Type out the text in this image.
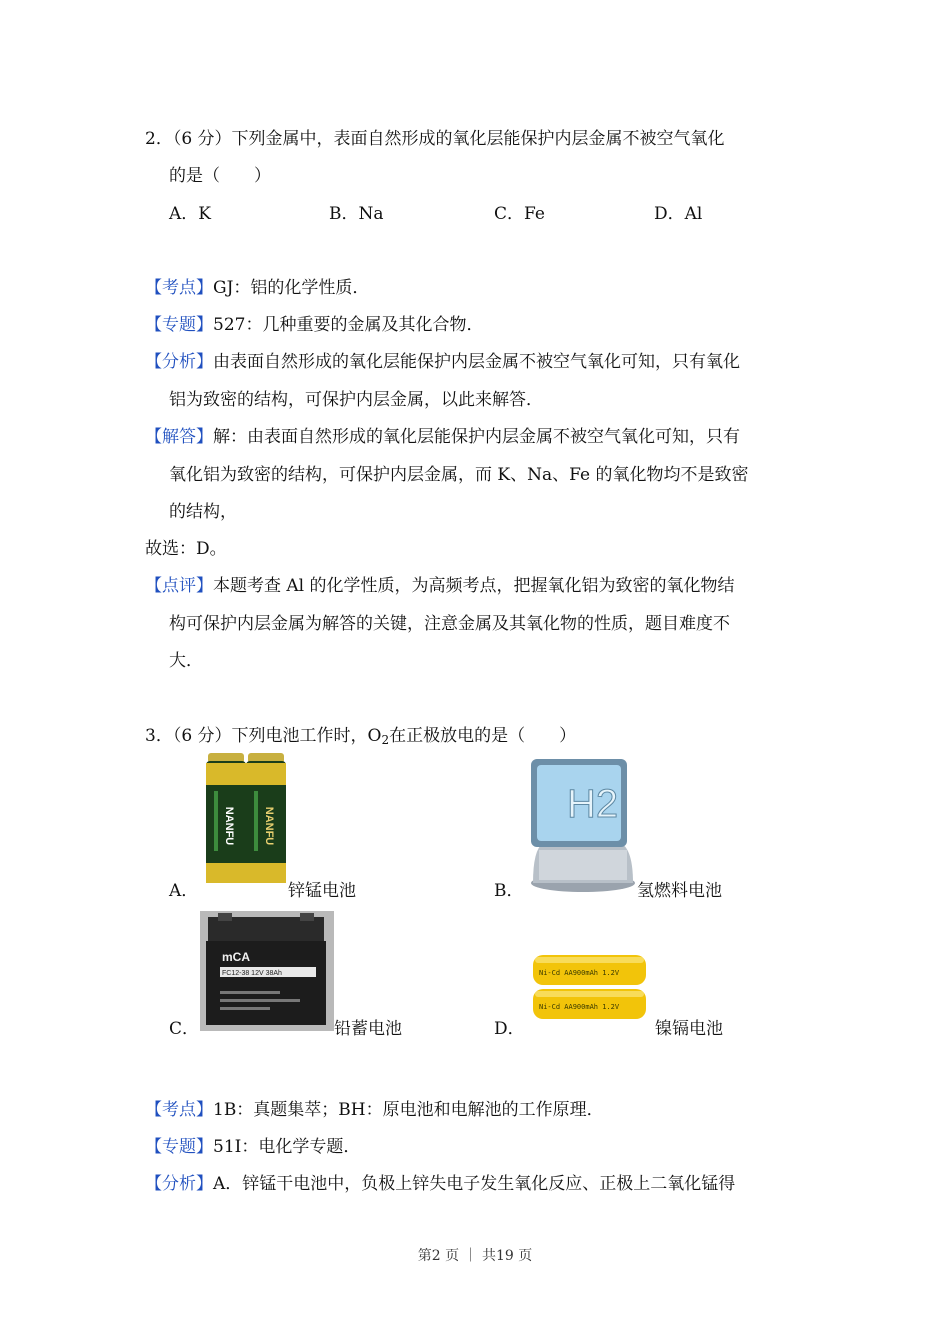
2．（6 分）下列金属中，表面自然形成的氧化层能保护内层金属不被空气氧化
的是（　　）
A．K	B．Na	C．Fe	D．Al
【考点】GJ：铝的化学性质．
【专题】527：几种重要的金属及其化合物．
【分析】由表面自然形成的氧化层能保护内层金属不被空气氧化可知，只有氧化
铝为致密的结构，可保护内层金属，以此来解答．
【解答】解：由表面自然形成的氧化层能保护内层金属不被空气氧化可知，只有
氧化铝为致密的结构，可保护内层金属，而 K、Na、Fe 的氧化物均不是致密
的结构，
故选：D。
【点评】本题考查 Al 的化学性质，为高频考点，把握氧化铝为致密的氧化物结
构可保护内层金属为解答的关键，注意金属及其氧化物的性质，题目难度不
大．
3．（6 分）下列电池工作时，$O_2$在正极放电的是（　　）
A．
NANFU	NANFU
锌锰电池	B．
H2
氢燃料电池
C．
mCA
FC12-38 12V 38Ah
铅蓄电池	D．
Ni-Cd AA900mAh 1.2V
Ni-Cd AA900mAh 1.2V
镍镉电池
【考点】1B：真题集萃；BH：原电池和电解池的工作原理．
【专题】51I：电化学专题．
【分析】A．锌锰干电池中，负极上锌失电子发生氧化反应、正极上二氧化锰得
第2 页 ｜ 共19 页
